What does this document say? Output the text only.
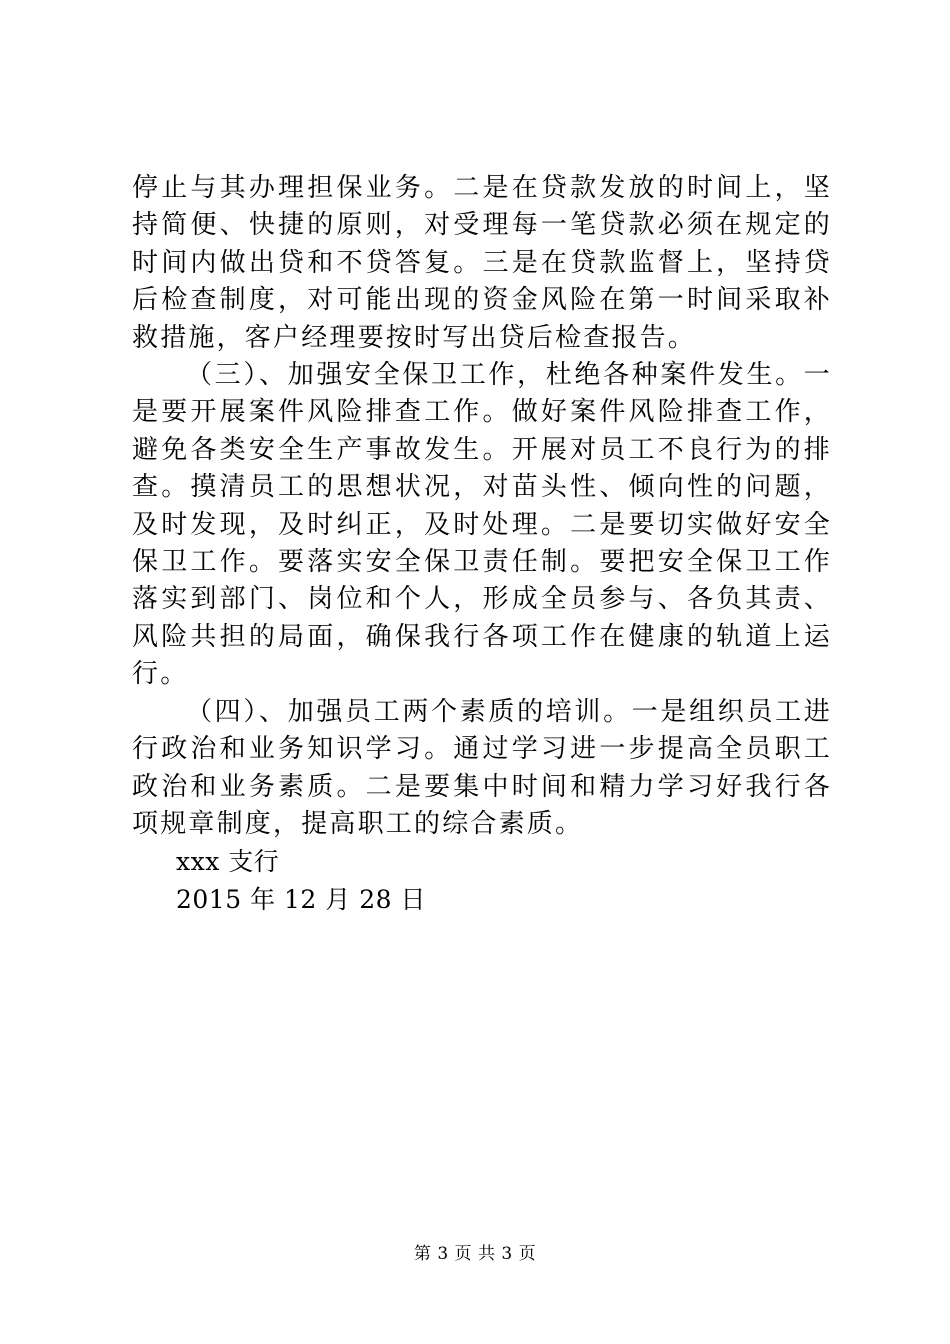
停止与其办理担保业务。二是在贷款发放的时间上，坚持简便、快捷的原则，对受理每一笔贷款必须在规定的时间内做出贷和不贷答复。三是在贷款监督上，坚持贷后检查制度，对可能出现的资金风险在第一时间采取补救措施，客户经理要按时写出贷后检查报告。

（三）、加强安全保卫工作，杜绝各种案件发生。一是要开展案件风险排查工作。做好案件风险排查工作，避免各类安全生产事故发生。开展对员工不良行为的排查。摸清员工的思想状况，对苗头性、倾向性的问题，及时发现，及时纠正，及时处理。二是要切实做好安全保卫工作。要落实安全保卫责任制。要把安全保卫工作落实到部门、岗位和个人，形成全员参与、各负其责、风险共担的局面，确保我行各项工作在健康的轨道上运行。

（四）、加强员工两个素质的培训。一是组织员工进行政治和业务知识学习。通过学习进一步提高全员职工政治和业务素质。二是要集中时间和精力学习好我行各项规章制度，提高职工的综合素质。

xxx 支行

2015 年 12 月 28 日

第 3 页 共 3 页
